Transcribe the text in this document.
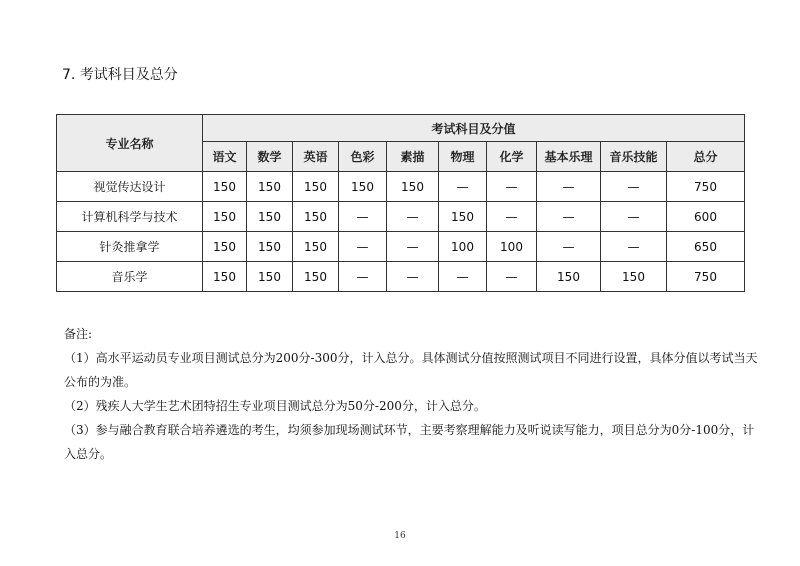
7. 考试科目及总分
专业名称	考试科目及分值									
	语文	数学	英语	色彩	素描	物理	化学	基本乐理	音乐技能	总分
视觉传达设计	150	150	150	150	150	—	—	—	—	750
计算机科学与技术	150	150	150	—	—	150	—	—	—	600
针灸推拿学	150	150	150	—	—	100	100	—	—	650
音乐学	150	150	150	—	—	—	—	150	150	750

备注:

（1）高水平运动员专业项目测试总分为200分-300分，计入总分。具体测试分值按照测试项目不同进行设置，具体分值以考试当天公布的为准。

（2）残疾人大学生艺术团特招生专业项目测试总分为50分-200分，计入总分。

（3）参与融合教育联合培养遴选的考生，均须参加现场测试环节，主要考察理解能力及听说读写能力，项目总分为0分-100分，计入总分。

16
